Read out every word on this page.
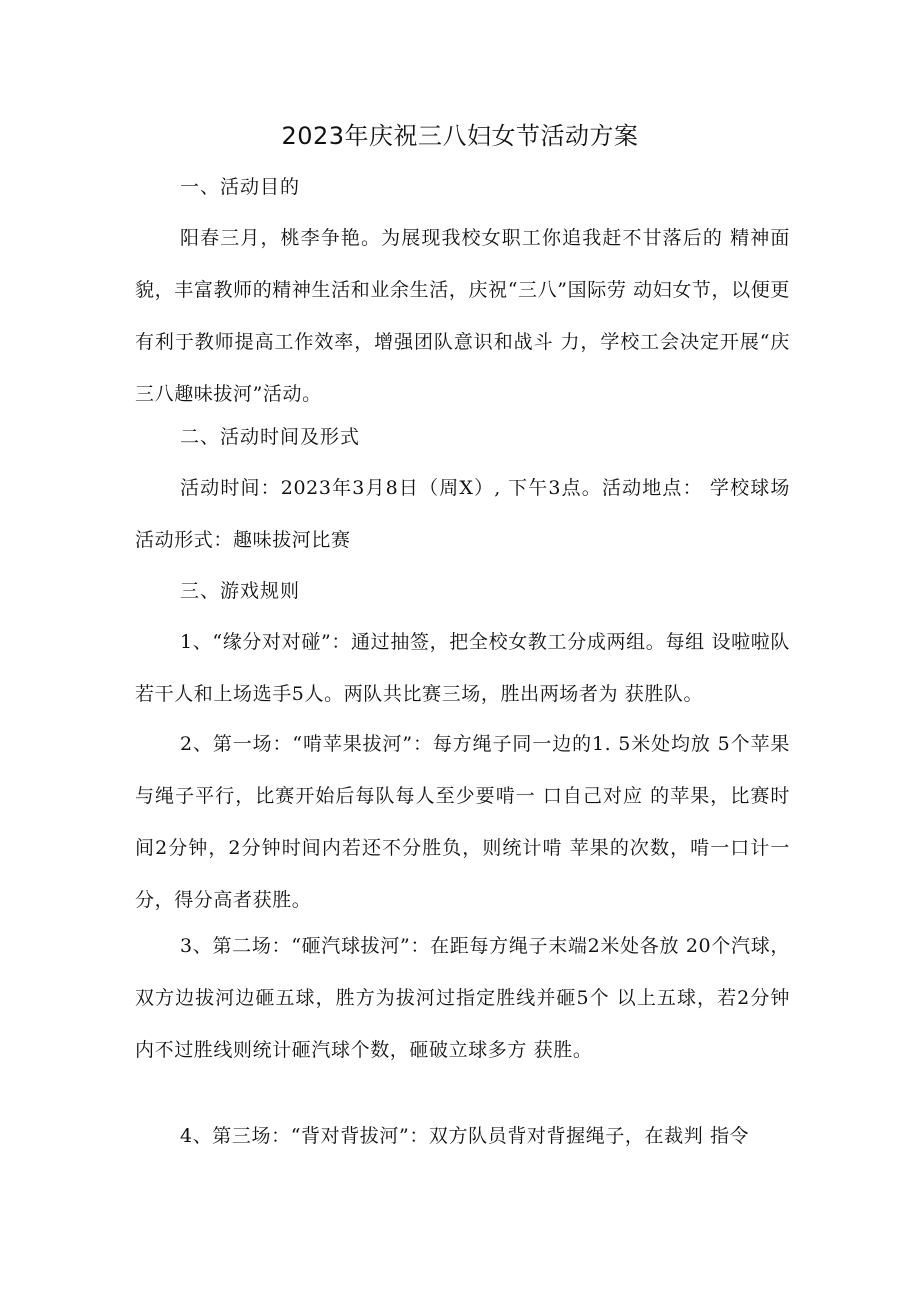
2023年庆祝三八妇女节活动方案
一、活动目的
阳春三月，桃李争艳。为展现我校女职工你追我赶不甘落后的 精神面貌，丰富教师的精神生活和业余生活，庆祝“三八”国际劳 动妇女节，以便更有利于教师提高工作效率，增强团队意识和战斗 力，学校工会决定开展“庆三八趣味拔河”活动。
二、活动时间及形式
活动时间：2023年3月8日（周X）, 下午3点。活动地点： 学校球场活动形式：趣味拔河比赛
三、游戏规则
1、“缘分对对碰”：通过抽签，把全校女教工分成两组。每组 设啦啦队若干人和上场选手5人。两队共比赛三场，胜出两场者为 获胜队。
2、第一场：“啃苹果拔河”：每方绳子同一边的1. 5米处均放 5个苹果与绳子平行，比赛开始后每队每人至少要啃一 口自己对应 的苹果，比赛时间2分钟，2分钟时间内若还不分胜负，则统计啃 苹果的次数，啃一口计一分，得分高者获胜。
3、第二场：“砸汽球拔河”：在距每方绳子末端2米处各放 20个汽球，双方边拔河边砸五球，胜方为拔河过指定胜线并砸5个 以上五球，若2分钟内不过胜线则统计砸汽球个数，砸破立球多方 获胜。
4、第三场：“背对背拔河”：双方队员背对背握绳子，在裁判 指令
